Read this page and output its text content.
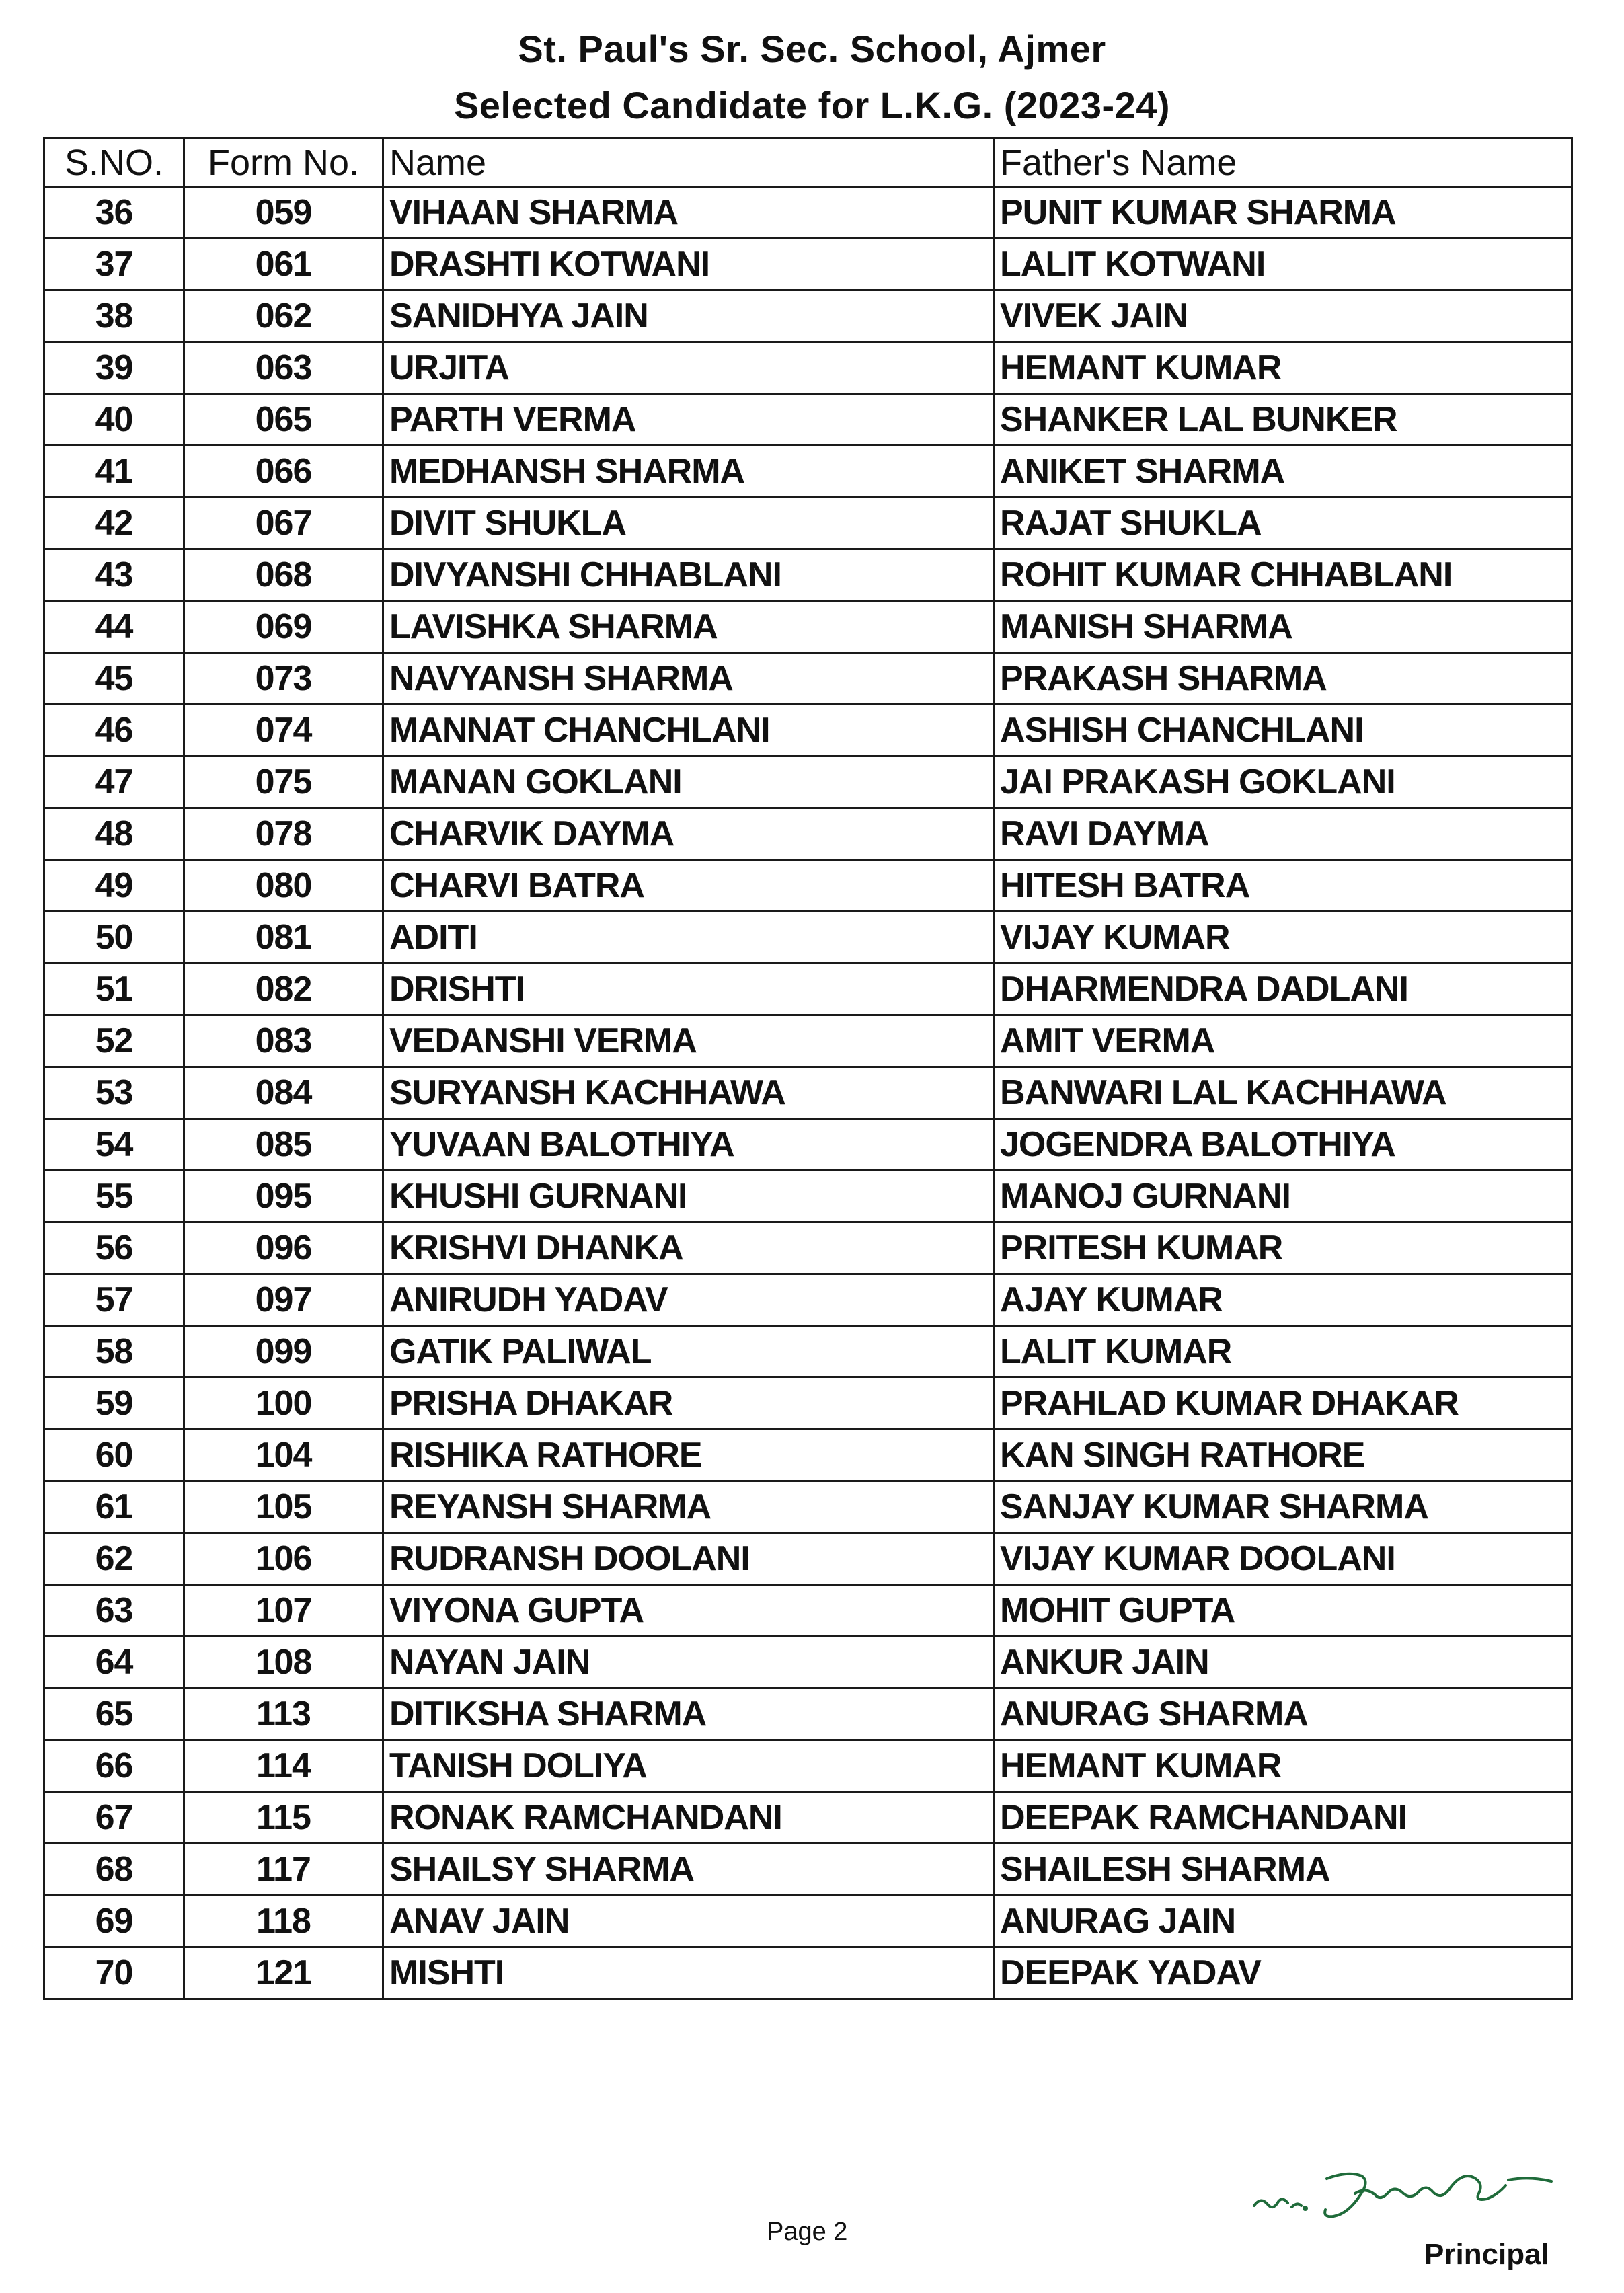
St. Paul's Sr. Sec. School, Ajmer
Selected Candidate for L.K.G. (2023-24)
S.NO.	Form No.	Name	Father's Name
36	059	VIHAAN SHARMA	PUNIT KUMAR SHARMA
37	061	DRASHTI KOTWANI	LALIT KOTWANI
38	062	SANIDHYA JAIN	VIVEK JAIN
39	063	URJITA	HEMANT KUMAR
40	065	PARTH VERMA	SHANKER LAL BUNKER
41	066	MEDHANSH SHARMA	ANIKET SHARMA
42	067	DIVIT SHUKLA	RAJAT SHUKLA
43	068	DIVYANSHI CHHABLANI	ROHIT KUMAR CHHABLANI
44	069	LAVISHKA SHARMA	MANISH SHARMA
45	073	NAVYANSH SHARMA	PRAKASH SHARMA
46	074	MANNAT CHANCHLANI	ASHISH CHANCHLANI
47	075	MANAN GOKLANI	JAI PRAKASH GOKLANI
48	078	CHARVIK DAYMA	RAVI DAYMA
49	080	CHARVI BATRA	HITESH BATRA
50	081	ADITI	VIJAY KUMAR
51	082	DRISHTI	DHARMENDRA DADLANI
52	083	VEDANSHI VERMA	AMIT VERMA
53	084	SURYANSH KACHHAWA	BANWARI LAL KACHHAWA
54	085	YUVAAN BALOTHIYA	JOGENDRA BALOTHIYA
55	095	KHUSHI GURNANI	MANOJ GURNANI
56	096	KRISHVI DHANKA	PRITESH KUMAR
57	097	ANIRUDH YADAV	AJAY KUMAR
58	099	GATIK PALIWAL	LALIT KUMAR
59	100	PRISHA DHAKAR	PRAHLAD KUMAR DHAKAR
60	104	RISHIKA RATHORE	KAN SINGH RATHORE
61	105	REYANSH SHARMA	SANJAY KUMAR SHARMA
62	106	RUDRANSH DOOLANI	VIJAY KUMAR DOOLANI
63	107	VIYONA GUPTA	MOHIT GUPTA
64	108	NAYAN JAIN	ANKUR JAIN
65	113	DITIKSHA SHARMA	ANURAG SHARMA
66	114	TANISH DOLIYA	HEMANT KUMAR
67	115	RONAK RAMCHANDANI	DEEPAK RAMCHANDANI
68	117	SHAILSY SHARMA	SHAILESH SHARMA
69	118	ANAV JAIN	ANURAG JAIN
70	121	MISHTI	DEEPAK YADAV
Page 2
Principal
